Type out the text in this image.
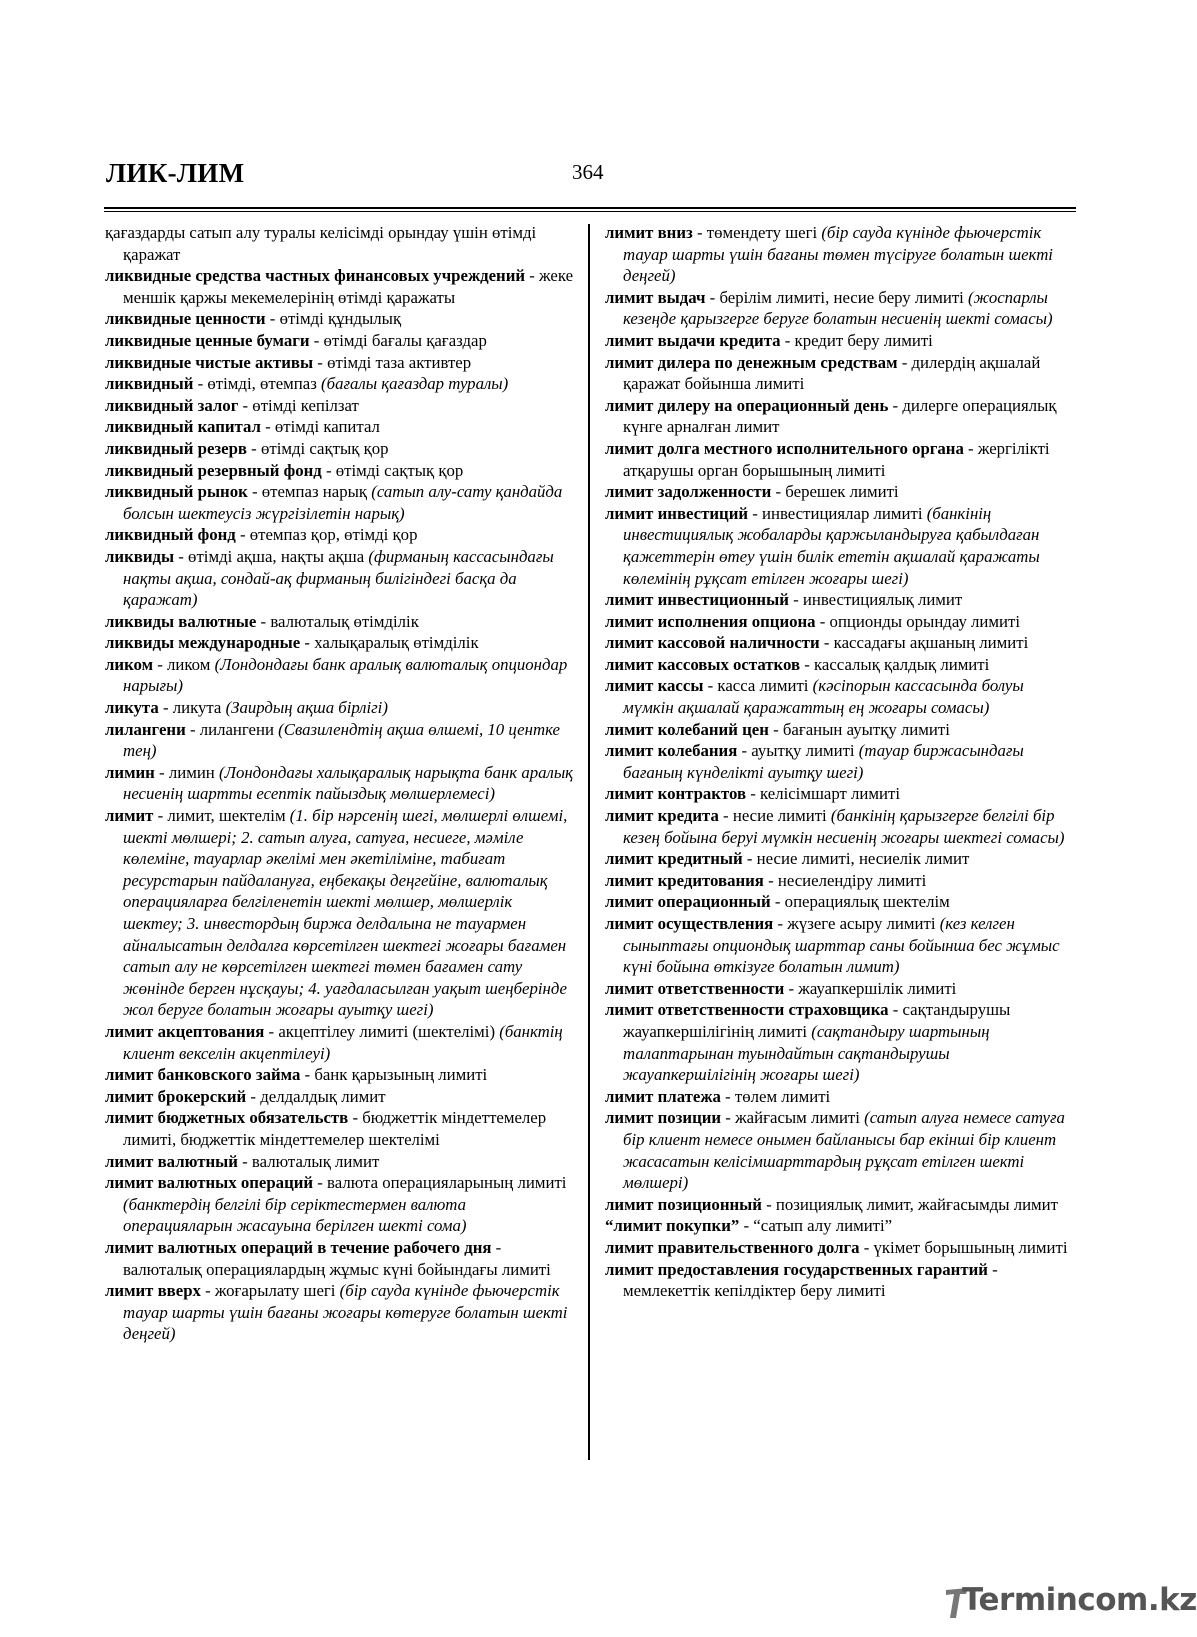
ЛИК-ЛИМ	364

қағаздарды сатып алу туралы келісімді орындау үшін өтімді қаражат

ликвидные средства частных финансовых учреждений - жеке меншік қаржы мекемелерінің өтімді қаражаты

ликвидные ценности - өтімді құндылық

ликвидные ценные бумаги - өтімді бағалы қағаздар

ликвидные чистые активы - өтімді таза активтер

ликвидный - өтімді, өтемпаз (бағалы қағаздар туралы)

ликвидный залог - өтімді кепілзат

ликвидный капитал - өтімді капитал

ликвидный резерв - өтімді сақтық қор

ликвидный резервный фонд - өтімді сақтық қор

ликвидный рынок - өтемпаз нарық (сатып алу-сату қандайда болсын шектеусіз жүргізілетін нарық)

ликвидный фонд - өтемпаз қор, өтімді қор

ликвиды - өтімді ақша, нақты ақша (фирманың кассасындағы нақты ақша, сондай-ақ фирманың билігіндегі басқа да қаражат)

ликвиды валютные - валюталық өтімділік

ликвиды международные - халықаралық өтімділік

ликом - ликом (Лондондағы банк аралық валюталық опциондар нарығы)

ликута - ликута (Заирдың ақша бірлігі)

лилангени - лилангени (Свазилендтің ақша өлшемі, 10 центке тең)

лимин - лимин (Лондондағы халықаралық нарықта банк аралық несиенің шартты есептік пайыздық мөлшерлемесі)

лимит - лимит, шектелім (1. бір нәрсенің шегі, мөлшерлі өлшемі, шекті мөлшері; 2. сатып алуға, сатуға, несиеге, мәміле көлеміне, тауарлар әкелімі мен әкетіліміне, табиғат ресурстарын пайдалануға, еңбекақы деңгейіне, валюталық операцияларға белгіленетін шекті мөлшер, мөлшерлік шектеу; 3. инвестордың биржа делдалына не тауармен айналысатын делдалға көрсетілген шектегі жоғары бағамен сатып алу не көрсетілген шектегі төмен бағамен сату жөнінде берген нұсқауы; 4. уағдаласылған уақыт шеңберінде жол беруге болатын жоғары ауытқу шегі)

лимит акцептования - акцептілеу лимиті (шектелімі) (банктің клиент векселін акцептілеуі)

лимит банковского займа - банк қарызының лимиті

лимит брокерский - делдалдық лимит

лимит бюджетных обязательств - бюджеттік міндеттемелер лимиті, бюджеттік міндеттемелер шектелімі

лимит валютный - валюталық лимит

лимит валютных операций - валюта операцияларының лимиті (банктердің белгілі бір серіктестермен валюта операцияларын жасауына берілген шекті сома)

лимит валютных операций в течение рабочего дня - валюталық операциялардың жұмыс күні бойындағы лимиті

лимит вверх - жоғарылату шегі (бір сауда күнінде фьючерстік тауар шарты үшін бағаны жоғары көтеруге болатын шекті деңгей)

лимит вниз - төмендету шегі (бір сауда күнінде фьючерстік тауар шарты үшін бағаны төмен түсіруге болатын шекті деңгей)

лимит выдач - берілім лимиті, несие беру лимиті (жоспарлы кезеңде қарызгерге беруге болатын несиенің шекті сомасы)

лимит выдачи кредита - кредит беру лимиті

лимит дилера по денежным средствам - дилердің ақшалай қаражат бойынша лимиті

лимит дилеру на операционный день - дилерге операциялық күнге арналған лимит

лимит долга местного исполнительного органа - жергілікті атқарушы орган борышының лимиті

лимит задолженности - берешек лимиті

лимит инвестиций - инвестициялар лимиті (банкінің инвестициялық жобаларды қаржыландыруға қабылдаған қажеттерін өтеу үшін билік ететін ақшалай қаражаты көлемінің рұқсат етілген жоғары шегі)

лимит инвестиционный - инвестициялық лимит

лимит исполнения опциона - опционды орындау лимиті

лимит кассовой наличности - кассадағы ақшаның лимиті

лимит кассовых остатков - кассалық қалдық лимиті

лимит кассы - касса лимиті (кәсіпорын кассасында болуы мүмкін ақшалай қаражаттың ең жоғары сомасы)

лимит колебаний цен - бағанын ауытқу лимиті

лимит колебания - ауытқу лимиті (тауар биржасындағы бағаның күнделікті ауытқу шегі)

лимит контрактов - келісімшарт лимиті

лимит кредита - несие лимиті (банкінің қарызгерге белгілі бір кезең бойына беруі мүмкін несиенің жоғары шектегі сомасы)

лимит кредитный - несие лимиті, несиелік лимит

лимит кредитования - несиелендіру лимиті

лимит операционный - операциялық шектелім

лимит осуществления - жүзеге асыру лимиті (кез келген сыныптағы опциондық шарттар саны бойынша бес жұмыс күні бойына өткізуге болатын лимит)

лимит ответственности - жауапкершілік лимиті

лимит ответственности страховщика - сақтандырушы жауапкершілігінің лимиті (сақтандыру шартының талаптарынан туындайтын сақтандырушы жауапкершілігінің жоғары шегі)

лимит платежа - төлем лимиті

лимит позиции - жайғасым лимиті (сатып алуға немесе сатуға бір клиент немесе онымен байланысы бар екінші бір клиент жасасатын келісімшарттардың рұқсат етілген шекті мөлшері)

лимит позиционный - позициялық лимит, жайғасымды лимит

“лимит покупки” - “сатып алу лимиті”

лимит правительственного долга - үкімет борышының лимиті

лимит предоставления государственных гарантий - мемлекеттік кепілдіктер беру лимиті

Termincom.kz
